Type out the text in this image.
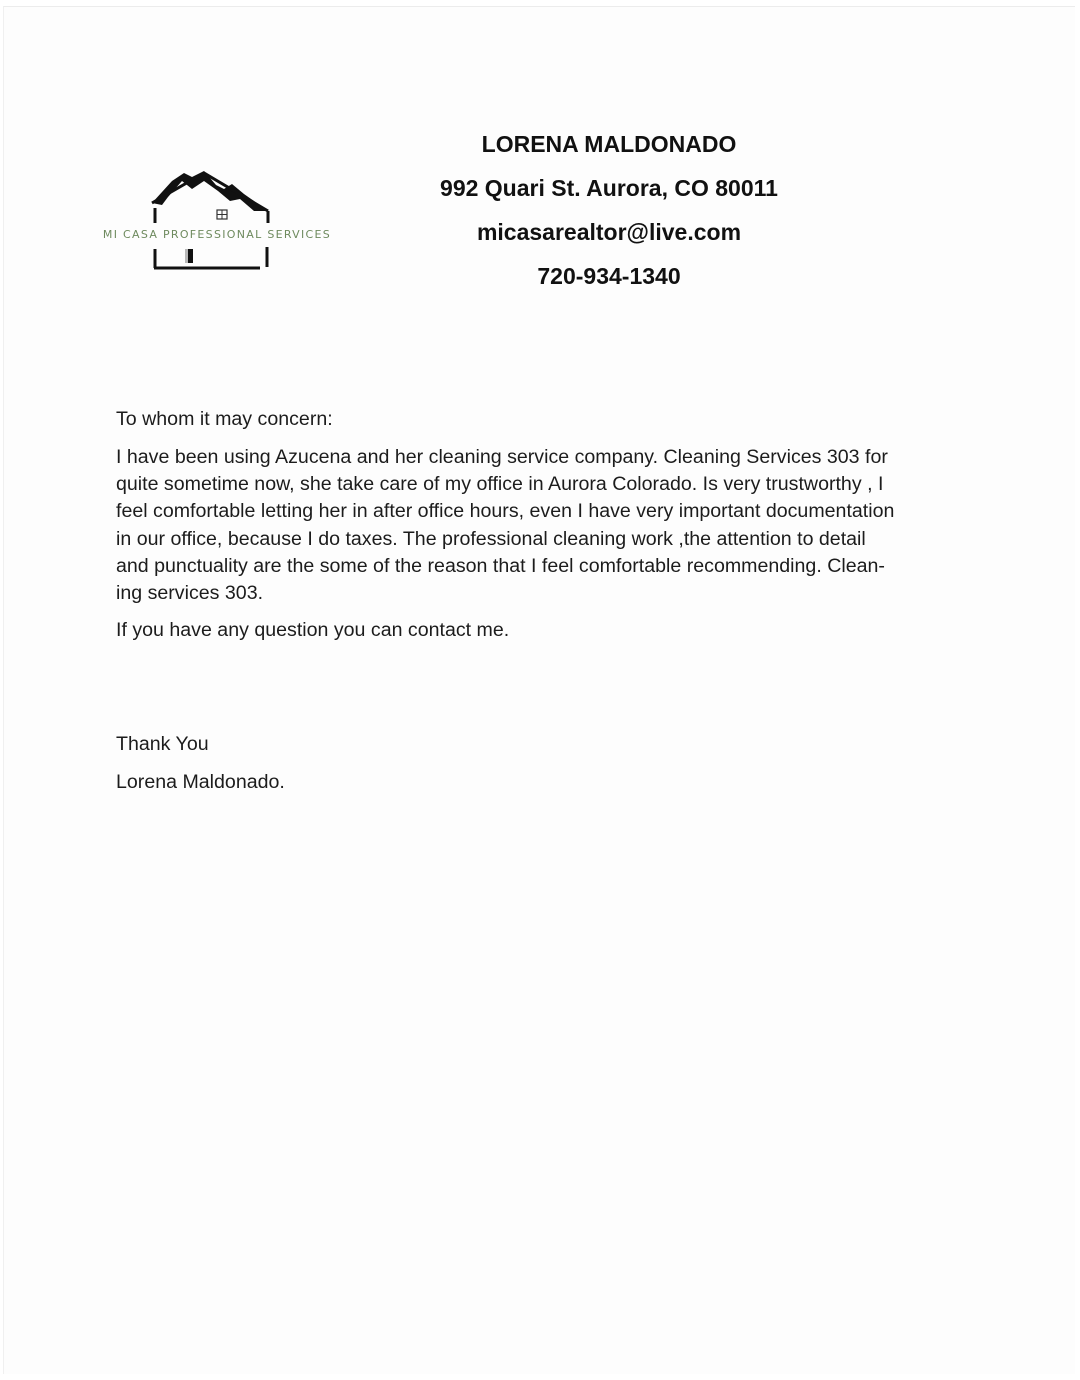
MI CASA PROFESSIONAL SERVICES
LORENA MALDONADO
992 Quari St. Aurora, CO 80011
micasarealtor@live.com
720-934-1340

To whom it may concern:

I have been using Azucena and her cleaning service company. Cleaning Services 303 for
quite sometime now, she take care of my office in Aurora Colorado. Is very trustworthy , I
feel comfortable letting her in after office hours, even I have very important documentation
in our office, because I do taxes. The professional cleaning work ,the attention to detail
and punctuality are the some of the reason that I feel comfortable recommending. Clean-
ing services 303.

If you have any question you can contact me.

Thank You
Lorena Maldonado.
